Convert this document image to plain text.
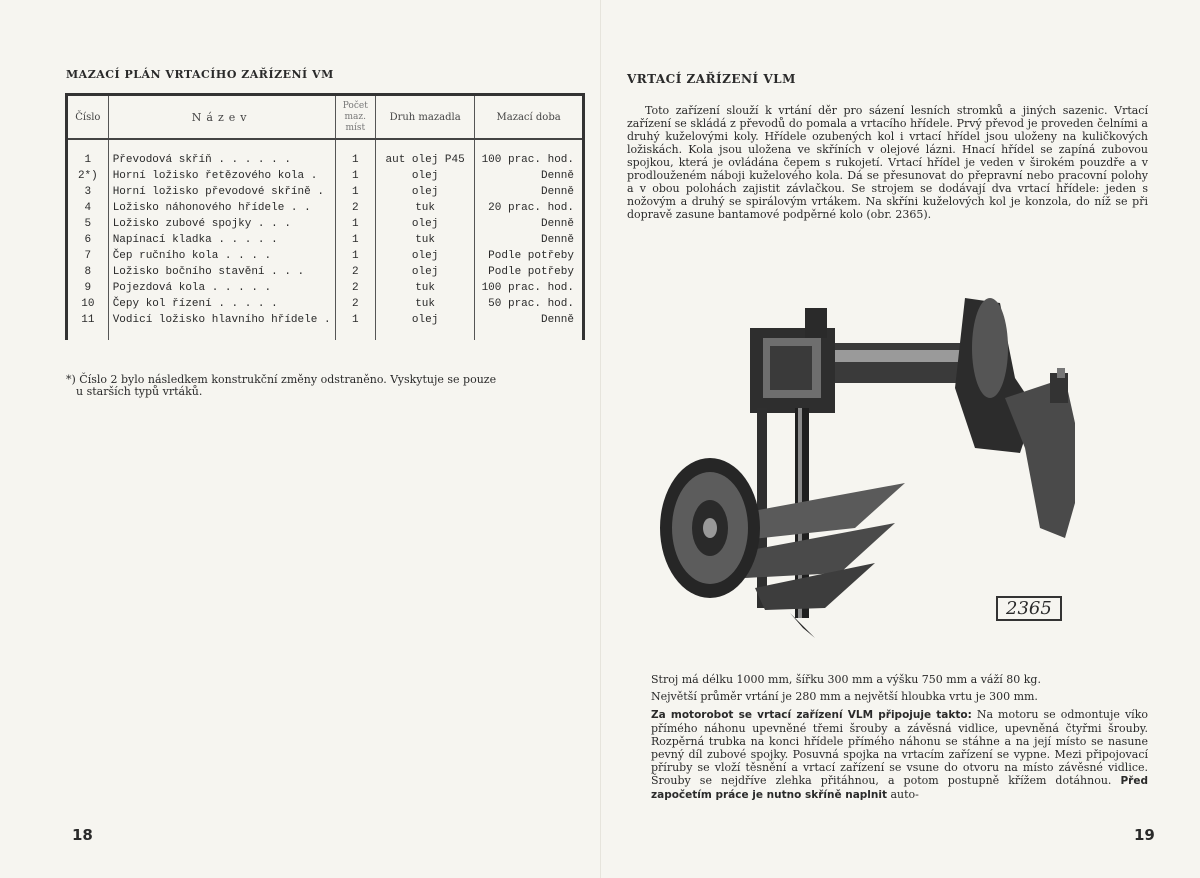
MAZACÍ PLÁN VRTACÍHO ZAŘÍZENÍ VM
Číslo	Název	Počet maz. míst	Druh mazadla	Mazací doba

1	Převodová skříň . . . . . .	1	aut olej P45	100 prac. hod.
2*)	Horní ložisko řetězového kola .	1	olej	Denně
3	Horní ložisko převodové skříně .	1	olej	Denně
4	Ložisko náhonového hřídele . .	2	tuk	20 prac. hod.
5	Ložisko zubové spojky . . .	1	olej	Denně
6	Napínací kladka . . . . .	1	tuk	Denně
7	Čep ručního kola . . . .	1	olej	Podle potřeby
8	Ložisko bočního stavění . . .	2	olej	Podle potřeby
9	Pojezdová kola . . . . .	2	tuk	100 prac. hod.
10	Čepy kol řízení . . . . .	2	tuk	50 prac. hod.
11	Vodicí ložisko hlavního hřídele .	1	olej	Denně

*) Číslo 2 bylo následkem konstrukční změny odstraněno. Vyskytuje se pouze
u starších typů vrtáků.
18
VRTACÍ ZAŘÍZENÍ VLM
Toto zařízení slouží k vrtání děr pro sázení lesních stromků a jiných sazenic. Vrtací zařízení se skládá z převodů do pomala a vrtacího hřídele. Prvý převod je proveden čelními a druhý kuželovými koly. Hřídele ozubených kol i vrtací hřídel jsou uloženy na kuličkových ložiskách. Kola jsou uložena ve skříních v olejové lázni. Hnací hřídel se zapíná zubovou spojkou, která je ovládána čepem s rukojetí. Vrtací hřídel je veden v širokém pouzdře a v prodlouženém náboji kuželového kola. Dá se přesunovat do přepravní nebo pracovní polohy a v obou polohách zajistit závlačkou. Se strojem se dodávají dva vrtací hřídele: jeden s nožovým a druhý se spirálovým vrtákem. Na skříni kuželových kol je konzola, do níž se při dopravě zasune bantamové podpěrné kolo (obr. 2365).
2365
Stroj má délku 1000 mm, šířku 300 mm a výšku 750 mm a váží 80 kg.
Největší průměr vrtání je 280 mm a největší hloubka vrtu je 300 mm.
Za motorobot se vrtací zařízení VLM připojuje takto: Na motoru se odmontuje víko přímého náhonu upevněné třemi šrouby a závěsná vidlice, upevněná čtyřmi šrouby. Rozpěrná trubka na konci hřídele přímého náhonu se stáhne a na její místo se nasune pevný díl zubové spojky. Posuvná spojka na vrtacím zařízení se vypne. Mezi připojovací příruby se vloží těsnění a vrtací zařízení se vsune do otvoru na místo závěsné vidlice. Šrouby se nejdříve zlehka přitáhnou, a potom postupně křížem dotáhnou. Před započetím práce je nutno skříně naplnit auto-
19
